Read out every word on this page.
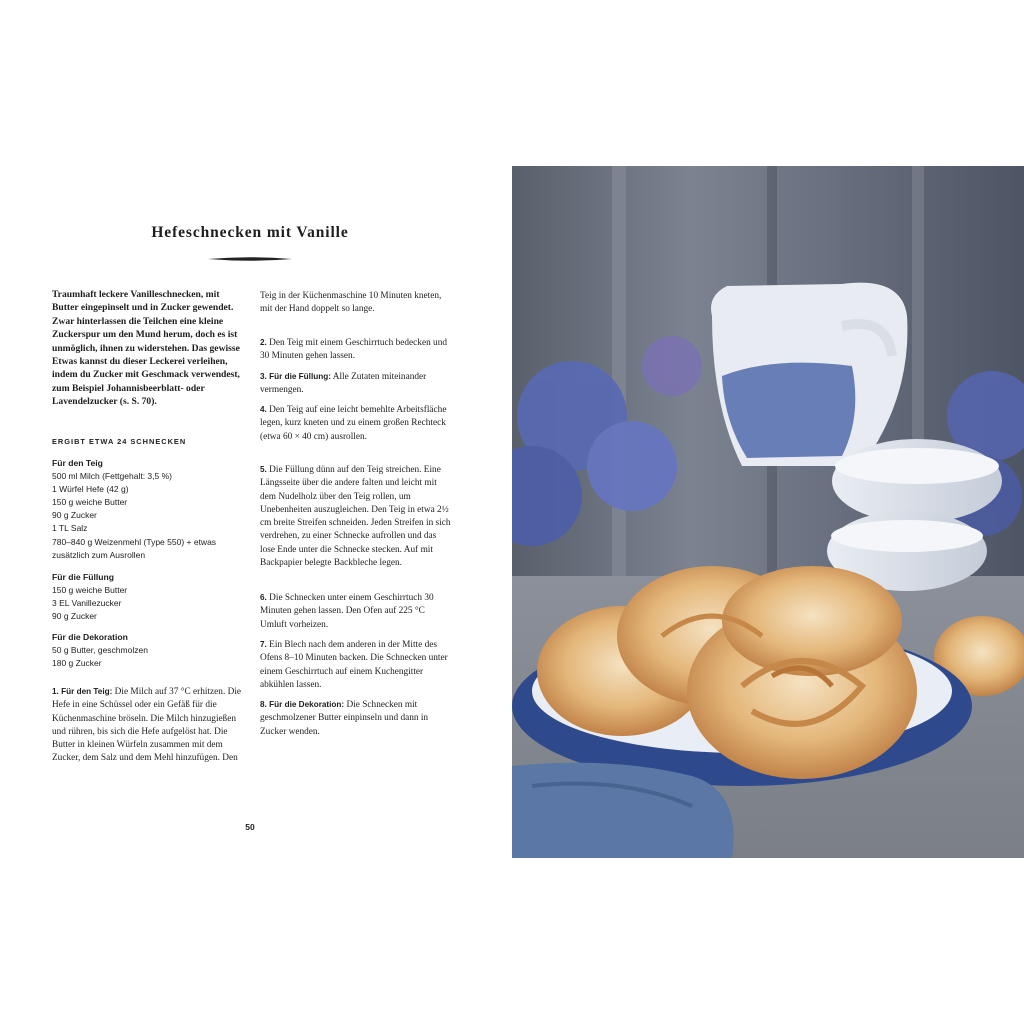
Hefeschnecken mit Vanille

Traumhaft leckere Vanilleschnecken, mit Butter eingepinselt und in Zucker gewendet. Zwar hinterlassen die Teilchen eine kleine Zuckerspur um den Mund herum, doch es ist unmöglich, ihnen zu widerstehen. Das gewisse Etwas kannst du dieser Leckerei verleihen, indem du Zucker mit Geschmack verwendest, zum Beispiel Johannisbeerblatt- oder Lavendelzucker (s. S. 70).

ERGIBT ETWA 24 SCHNECKEN

Für den Teig
500 ml Milch (Fettgehalt: 3,5 %)
1 Würfel Hefe (42 g)
150 g weiche Butter
90 g Zucker
1 TL Salz
780–840 g Weizenmehl (Type 550) + etwas
zusätzlich zum Ausrollen
Für die Füllung
150 g weiche Butter
3 EL Vanillezucker
90 g Zucker
Für die Dekoration
50 g Butter, geschmolzen
180 g Zucker
1. Für den Teig: Die Milch auf 37 °C erhitzen. Die Hefe in eine Schüssel oder ein Gefäß für die Küchenmaschine bröseln. Die Milch hinzugießen und rühren, bis sich die Hefe aufgelöst hat. Die Butter in kleinen Würfeln zusammen mit dem Zucker, dem Salz und dem Mehl hinzufügen. Den
Teig in der Küchenmaschine 10 Minuten kneten, mit der Hand doppelt so lange.
2. Den Teig mit einem Geschirrtuch bedecken und 30 Minuten gehen lassen.
3. Für die Füllung: Alle Zutaten miteinander vermengen.
4. Den Teig auf eine leicht bemehlte Arbeitsfläche legen, kurz kneten und zu einem großen Rechteck (etwa 60 × 40 cm) ausrollen.
5. Die Füllung dünn auf den Teig streichen. Eine Längsseite über die andere falten und leicht mit dem Nudelholz über den Teig rollen, um Unebenheiten auszugleichen. Den Teig in etwa 2½ cm breite Streifen schneiden. Jeden Streifen in sich verdrehen, zu einer Schnecke aufrollen und das lose Ende unter die Schnecke stecken. Auf mit Backpapier belegte Backbleche legen.
6. Die Schnecken unter einem Geschirrtuch 30 Minuten gehen lassen. Den Ofen auf 225 °C Umluft vorheizen.
7. Ein Blech nach dem anderen in der Mitte des Ofens 8–10 Minuten backen. Die Schnecken unter einem Geschirrtuch auf einem Kuchengitter abkühlen lassen.
8. Für die Dekoration: Die Schnecken mit geschmolzener Butter einpinseln und dann in Zucker wenden.
50
